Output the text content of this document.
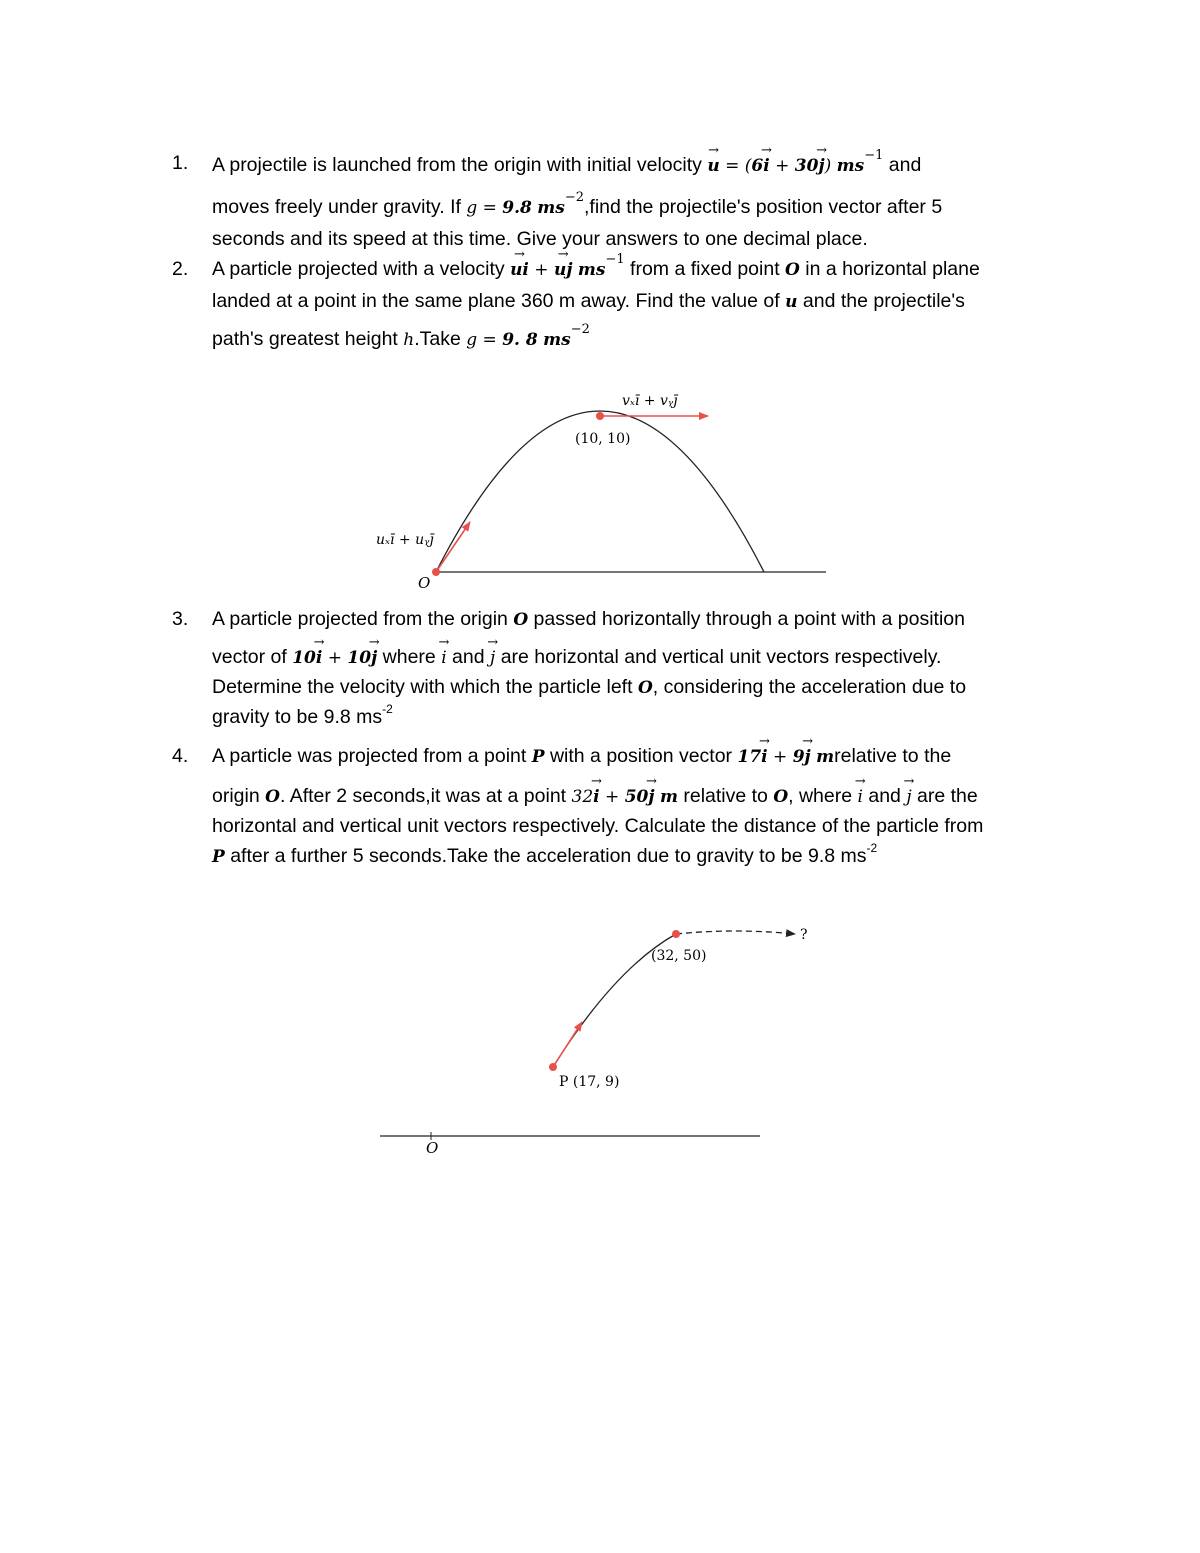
1. A projectile is launched from the origin with initial velocity → u = (6→ i + 30→ j) $ms^{-1}$ and
moves freely under gravity. If g = 9.8 $ms^{-2},find$ the projectile's position vector after 5
seconds and its speed at this time. Give your answers to one decimal place.
2. A particle projected with a velocity → ui + → uj $ms^{-1}$ from a fixed point O in a horizontal plane
landed at a point in the same plane 360 m away. Find the value of u and the projectile's
path's greatest height h.Take g = 9. 8 $ms^{-2}$
3. A particle projected from the origin O passed horizontally through a point with a position
vector of 10→ i + 10→ j where → i and → j are horizontal and vertical unit vectors respectively.
Determine the velocity with which the particle left O, considering the acceleration due to
gravity to be 9.8 $ms^{-2}$
4. A particle was projected from a point P with a position vector 17→ i + 9→ j mrelative to the
origin O. After 2 seconds,it was at a point 32→ i + 50→ j m relative to O, where → i and → j are the
horizontal and vertical unit vectors respectively. Calculate the distance of the particle from
P after a further 5 seconds.Take the acceleration due to gravity to be 9.8 $ms^{-2}$
vₓī + vᵧj̄
(10, 10)
uₓī + uᵧj̄
O
?
(32, 50)
P (17, 9)
O
